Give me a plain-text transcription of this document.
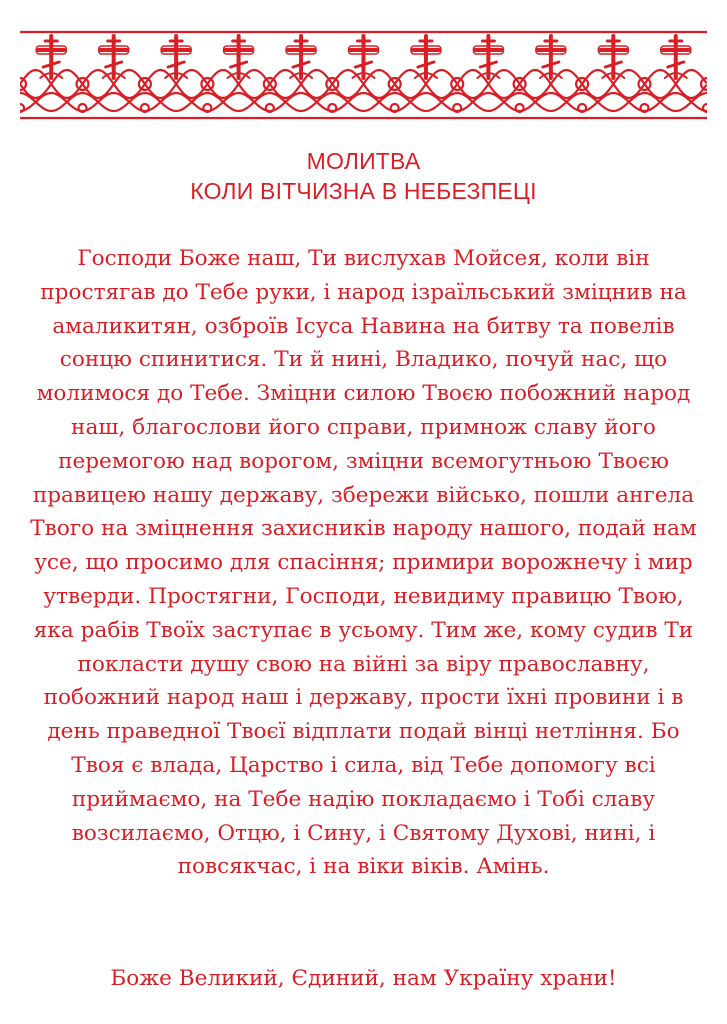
МОЛИТВА
КОЛИ ВІТЧИЗНА В НЕБЕЗПЕЦІ

Господи Боже наш, Ти вислухав Мойсея, коли він простягав до Тебе руки, і народ ізраїльський зміцнив на амаликитян, озброїв Ісуса Навина на битву та повелів сонцю спинитися. Ти й нині, Владико, почуй нас, що молимося до Тебе. Зміцни силою Твоєю побожний народ наш, благослови його справи, примнож славу його перемогою над ворогом, зміцни всемогутньою Твоєю правицею нашу державу, збережи військо, пошли ангела Твого на зміцнення захисників народу нашого, подай нам усе, що просимо для спасіння; примири ворожнечу і мир утверди. Простягни, Господи, невидиму правицю Твою, яка рабів Твоїх заступає в усьому. Тим же, кому судив Ти покласти душу свою на війні за віру православну, побожний народ наш і державу, прости їхні провини і в день праведної Твоєї відплати подай вінці нетління. Бо Твоя є влада, Царство і сила, від Тебе допомогу всі приймаємо, на Тебе надію покладаємо і Тобі славу возсилаємо, Отцю, і Сину, і Святому Духові, нині, і повсякчас, і на віки віків. Амінь.

Боже Великий, Єдиний, нам Україну храни!
